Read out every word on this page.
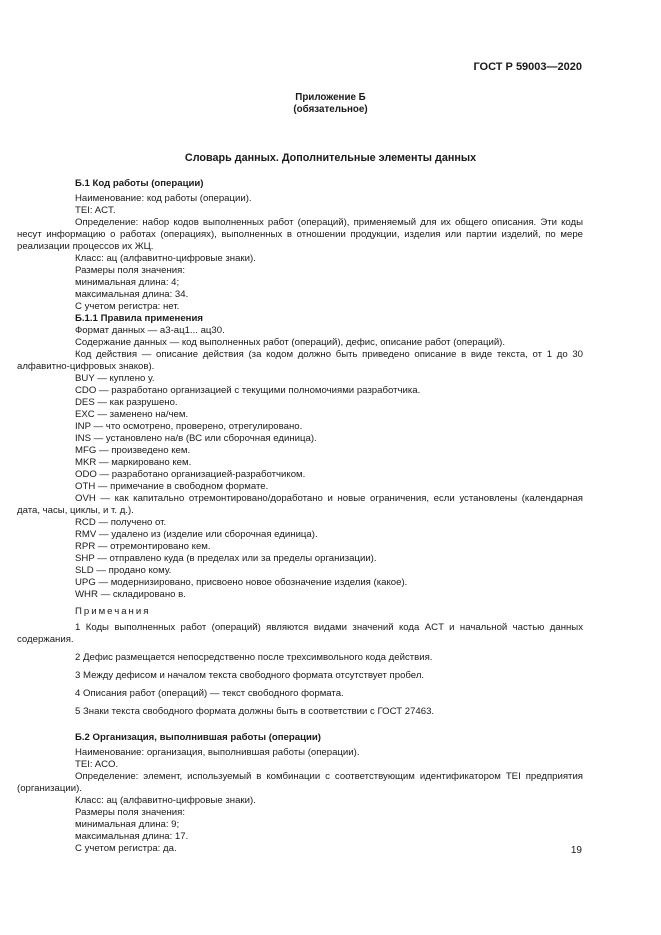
ГОСТ Р 59003—2020
Приложение Б
(обязательное)
Словарь данных. Дополнительные элементы данных

Б.1 Код работы (операции)

Наименование: код работы (операции).

TEI: ACT.

Определение: набор кодов выполненных работ (операций), применяемый для их общего описания. Эти коды несут информацию о работах (операциях), выполненных в отношении продукции, изделия или партии изделий, по мере реализации процессов их ЖЦ.

Класс: ац (алфавитно-цифровые знаки).

Размеры поля значения:

минимальная длина: 4;

максимальная длина: 34.

С учетом регистра: нет.

Б.1.1 Правила применения

Формат данных — а3-ац1... ац30.

Содержание данных — код выполненных работ (операций), дефис, описание работ (операций).

Код действия — описание действия (за кодом должно быть приведено описание в виде текста, от 1 до 30 алфавитно-цифровых знаков).

BUY — куплено у.

CDO — разработано организацией с текущими полномочиями разработчика.

DES — как разрушено.

EXC — заменено на/чем.

INP — что осмотрено, проверено, отрегулировано.

INS — установлено на/в (ВС или сборочная единица).

MFG — произведено кем.

MKR — маркировано кем.

ODO — разработано организацией-разработчиком.

OTH — примечание в свободном формате.

OVH — как капитально отремонтировано/доработано и новые ограничения, если установлены (календарная дата, часы, циклы, и т. д.).

RCD — получено от.

RMV — удалено из (изделие или сборочная единица).

RPR — отремонтировано кем.

SHP — отправлено куда (в пределах или за пределы организации).

SLD — продано кому.

UPG — модернизировано, присвоено новое обозначение изделия (какое).

WHR — складировано в.

Примечания

1 Коды выполненных работ (операций) являются видами значений кода ACT и начальной частью данных содержания.

2 Дефис размещается непосредственно после трехсимвольного кода действия.

3 Между дефисом и началом текста свободного формата отсутствует пробел.

4 Описания работ (операций) — текст свободного формата.

5 Знаки текста свободного формата должны быть в соответствии с ГОСТ 27463.

Б.2 Организация, выполнившая работы (операции)

Наименование: организация, выполнившая работы (операции).

TEI: ACO.

Определение: элемент, используемый в комбинации с соответствующим идентификатором TEI предприятия (организации).

Класс: ац (алфавитно-цифровые знаки).

Размеры поля значения:

минимальная длина: 9;

максимальная длина: 17.

С учетом регистра: да.	19
